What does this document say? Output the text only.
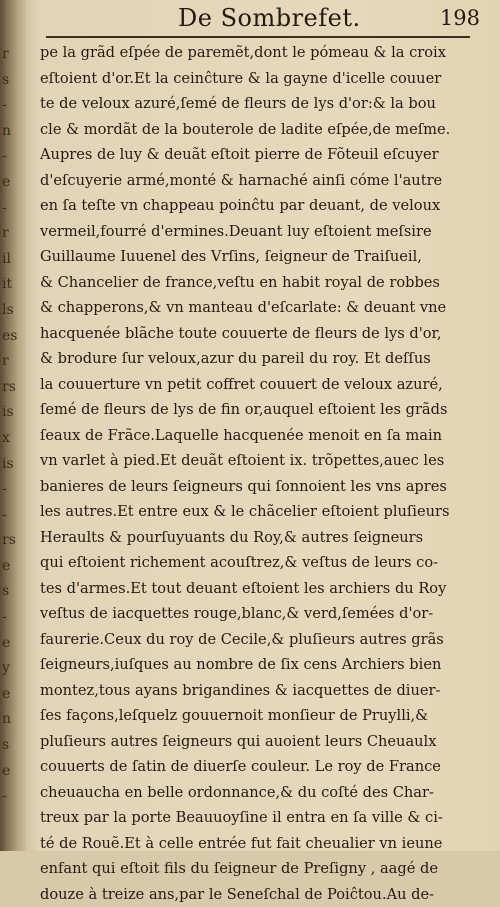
r
s
-
n
-
e
-
r
il
it
ls
es
r
rs
is
x
is
-
-
rs
e
s
-
e
y
e
n
s
e
-
De Sombrefet.	198
pe la grãd eſpée de paremẽt,dont le pómeau & la croix
eſtoient d'or.Et la ceinĉture & la gayne d'icelle couuer
te de veloux azuré,ſemé de fleurs de lys d'or:& la bou
cle & mordãt de la bouterole de ladite eſpée,de meſme.
Aupres de luy & deuãt eſtoit pierre de Fõteuil eſcuyer
d'eſcuyerie armé,monté & harnaché ainſi cóme l'autre
en ſa teſte vn chappeau poinĉtu par deuant, de veloux
vermeil,fourré d'ermines.Deuant luy eſtoient meſsire
Guillaume Iuuenel des Vrſins, ſeigneur de Traiſueil,
& Chancelier de france,veſtu en habit royal de robbes
& chapperons,& vn manteau d'eſcarlate: & deuant vne
hacquenée blãche toute couuerte de fleurs de lys d'or,
& brodure ſur veloux,azur du pareil du roy. Et deſſus
la couuerture vn petit coffret couuert de veloux azuré,
ſemé de fleurs de lys de fin or,auquel eſtoient les grãds
ſeaux de Frãce.Laquelle hacquenée menoit en ſa main
vn varlet à pied.Et deuãt eſtoient ix. trõpettes,auec les
banieres de leurs ſeigneurs qui ſonnoient les vns apres
les autres.Et entre eux & le chãcelier eſtoient pluſieurs
Heraults & pourſuyuants du Roy,& autres ſeigneurs
qui eſtoient richement acouſtrez,& veſtus de leurs co-
tes d'armes.Et tout deuant eſtoient les archiers du Roy
veſtus de iacquettes rouge,blanc,& verd,ſemées d'or-
faurerie.Ceux du roy de Cecile,& pluſieurs autres grãs
ſeigneurs,iuſques au nombre de ſix cens Archiers bien
montez,tous ayans brigandines & iacquettes de diuer-
ſes façons,leſquelz gouuernoit monſieur de Pruylli,&
pluſieurs autres ſeigneurs qui auoient leurs Cheuaulx
couuerts de ſatin de diuerſe couleur. Le roy de France
cheuaucha en belle ordonnance,& du coſté des Char-
treux par la porte Beauuoyſine il entra en ſa ville & ci-
té de Rouẽ.Et à celle entrée fut fait cheualier vn ieune
enfant qui eſtoit fils du ſeigneur de Preſigny , aagé de
douze à treize ans,par le Seneſchal de Poiĉtou.Au de-
